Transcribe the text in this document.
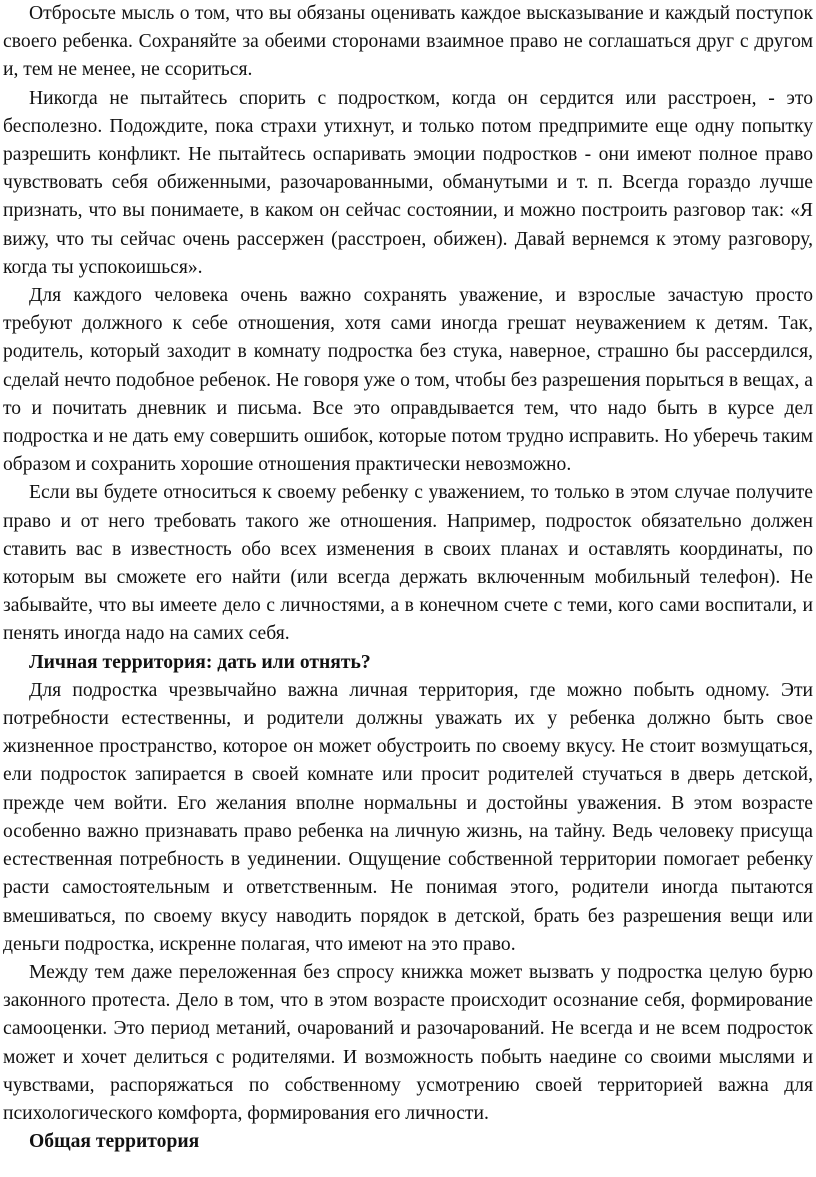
Отбросьте мысль о том, что вы обязаны оценивать каждое высказывание и каждый поступок своего ребенка. Сохраняйте за обеими сторонами взаимное право не соглашаться друг с другом и, тем не менее, не ссориться.

Никогда не пытайтесь спорить с подростком, когда он сердится или расстроен, - это бесполезно. Подождите, пока страхи утихнут, и только потом предпримите еще одну попытку разрешить конфликт. Не пытайтесь оспаривать эмоции подростков - они имеют полное право чувствовать себя обиженными, разочарованными, обманутыми и т. п. Всегда гораздо лучше признать, что вы понимаете, в каком он сейчас состоянии, и можно построить разговор так: «Я вижу, что ты сейчас очень рассержен (расстроен, обижен). Давай вернемся к этому разговору, когда ты успокоишься».

Для каждого человека очень важно сохранять уважение, и взрослые зачастую просто требуют должного к себе отношения, хотя сами иногда грешат неуважением к детям. Так, родитель, который заходит в комнату подростка без стука, наверное, страшно бы рассердился, сделай нечто подобное ребенок. Не говоря уже о том, чтобы без разрешения порыться в вещах, а то и почитать дневник и письма. Все это оправдывается тем, что надо быть в курсе дел подростка и не дать ему совершить ошибок, которые потом трудно исправить. Но уберечь таким образом и сохранить хорошие отношения практически невозможно.

Если вы будете относиться к своему ребенку с уважением, то только в этом случае получите право и от него требовать такого же отношения. Например, подросток обязательно должен ставить вас в известность обо всех изменения в своих планах и оставлять координаты, по которым вы сможете его найти (или всегда держать включенным мобильный телефон). Не забывайте, что вы имеете дело с личностями, а в конечном счете с теми, кого сами воспитали, и пенять иногда надо на самих себя.

Личная территория: дать или отнять?

Для подростка чрезвычайно важна личная территория, где можно побыть одному. Эти потребности естественны, и родители должны уважать их у ребенка должно быть свое жизненное пространство, которое он может обустроить по своему вкусу. Не стоит возмущаться, ели подросток запирается в своей комнате или просит родителей стучаться в дверь детской, прежде чем войти. Его желания вполне нормальны и достойны уважения. В этом возрасте особенно важно признавать право ребенка на личную жизнь, на тайну. Ведь человеку присуща естественная потребность в уединении. Ощущение собственной территории помогает ребенку расти самостоятельным и ответственным. Не понимая этого, родители иногда пытаются вмешиваться, по своему вкусу наводить порядок в детской, брать без разрешения вещи или деньги подростка, искренне полагая, что имеют на это право.

Между тем даже переложенная без спросу книжка может вызвать у подростка целую бурю законного протеста. Дело в том, что в этом возрасте происходит осознание себя, формирование самооценки. Это период метаний, очарований и разочарований. Не всегда и не всем подросток может и хочет делиться с родителями. И возможность побыть наедине со своими мыслями и чувствами, распоряжаться по собственному усмотрению своей территорией важна для психологического комфорта, формирования его личности.

Общая территория
